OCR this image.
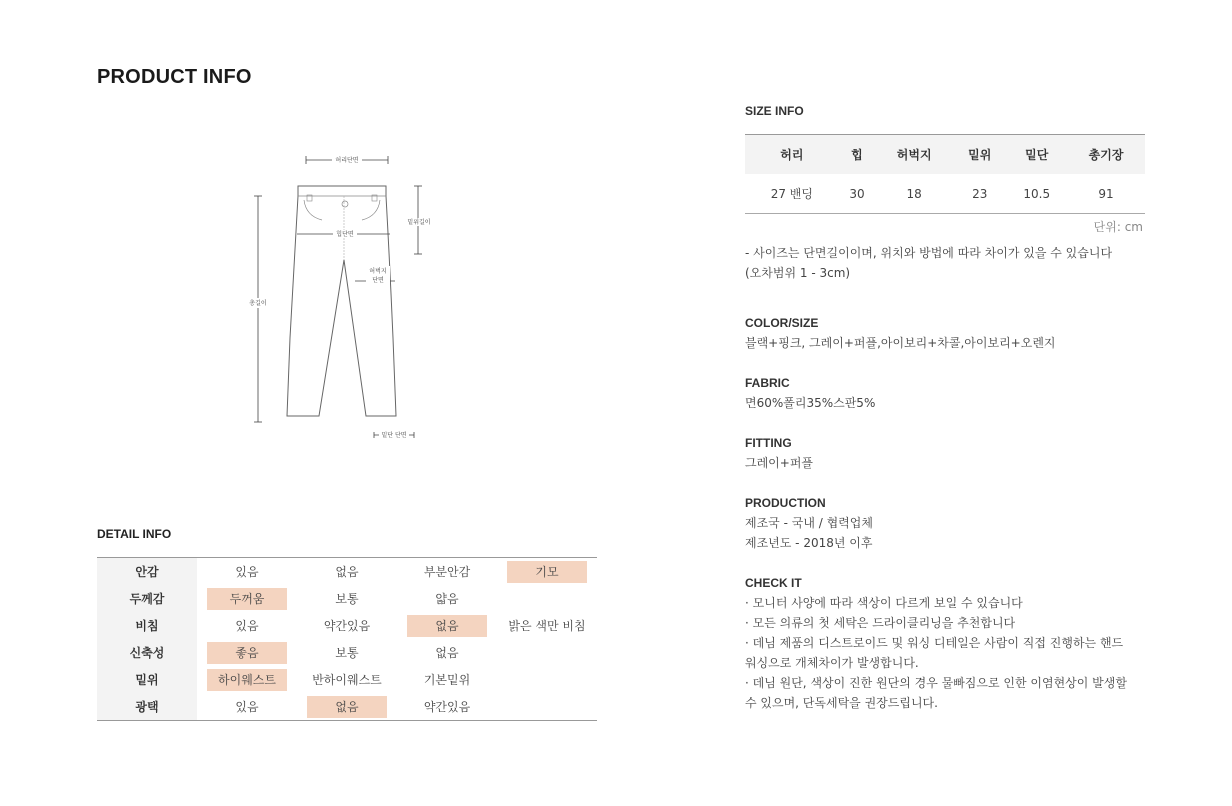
PRODUCT INFO
허리단면
힙단면
밑위길이
허벅지
단면
총길이
밑단 단면
DETAIL INFO
안감	있음	없음	부분안감	기모
두께감	두꺼움	보통	얇음
비침	있음	약간있음	없음	밝은 색만 비침
신축성	좋음	보통	없음
밑위	하이웨스트	반하이웨스트	기본밑위
광택	있음	없음	약간있음
SIZE INFO
허리	힙	허벅지	밑위	밑단	총기장
27 밴딩	30	18	23	10.5	91
단위: cm
- 사이즈는 단면길이이며, 위치와 방법에 따라 차이가 있을 수 있습니다
(오차범위 1 - 3cm)
COLOR/SIZE
블랙+핑크, 그레이+퍼플,아이보리+차콜,아이보리+오렌지
FABRIC
면60%폴리35%스판5%
FITTING
그레이+퍼플
PRODUCTION
제조국 - 국내 / 협력업체
제조년도 - 2018년 이후
CHECK IT
· 모니터 사양에 따라 색상이 다르게 보일 수 있습니다
· 모든 의류의 첫 세탁은 드라이클리닝을 추천합니다
· 데님 제품의 디스트로이드 및 워싱 디테일은 사람이 직접 진행하는 핸드
워싱으로 개체차이가 발생합니다.
· 데님 원단, 색상이 진한 원단의 경우 물빠짐으로 인한 이염현상이 발생할
수 있으며, 단독세탁을 권장드립니다.
